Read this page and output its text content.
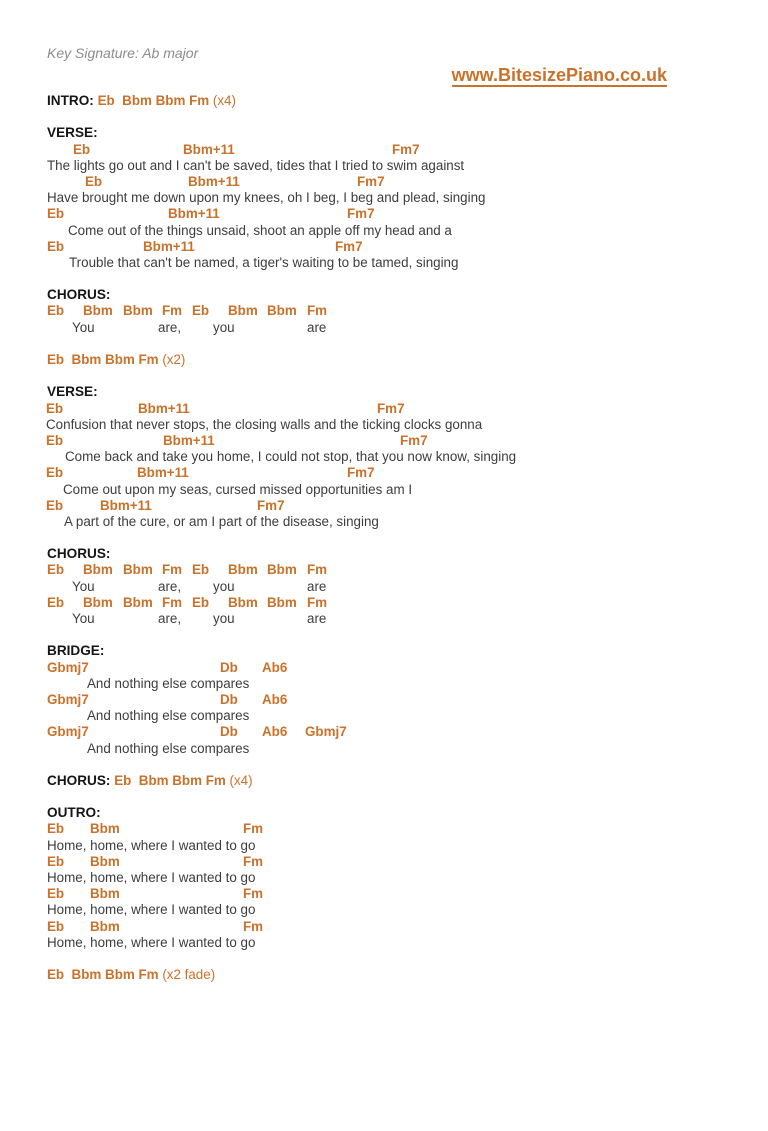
Key Signature: Ab major
www.BitesizePiano.co.uk
INTRO: Eb  Bbm Bbm Fm (x4)
VERSE:
Eb	Bbm+11	Fm7
The lights go out and I can't be saved, tides that I tried to swim against
Eb	Bbm+11	Fm7
Have brought me down upon my knees, oh I beg, I beg and plead, singing
Eb	Bbm+11	Fm7
Come out of the things unsaid, shoot an apple off my head and a
Eb	Bbm+11	Fm7
Trouble that can't be named, a tiger's waiting to be tamed, singing
CHORUS:
Eb Bbm Bbm Fm Eb Bbm Bbm Fm
You	are, you	are
Eb  Bbm Bbm Fm (x2)
VERSE:
Eb	Bbm+11	Fm7
Confusion that never stops, the closing walls and the ticking clocks gonna
Eb	Bbm+11	Fm7
Come back and take you home, I could not stop, that you now know, singing
Eb	Bbm+11	Fm7
Come out upon my seas, cursed missed opportunities am I
Eb	Bbm+11	Fm7
A part of the cure, or am I part of the disease, singing
CHORUS:
Eb Bbm Bbm Fm Eb Bbm Bbm Fm
You	are, you	are
Eb Bbm Bbm Fm Eb Bbm Bbm Fm
You	are, you	are
BRIDGE:
Gbmj7	Db Ab6
And nothing else compares
Gbmj7	Db Ab6
And nothing else compares
Gbmj7	Db Ab6 Gbmj7
And nothing else compares
CHORUS: Eb  Bbm Bbm Fm (x4)
OUTRO:
Eb Bbm	Fm
Home, home, where I wanted to go
Eb Bbm	Fm
Home, home, where I wanted to go
Eb Bbm	Fm
Home, home, where I wanted to go
Eb Bbm	Fm
Home, home, where I wanted to go
Eb  Bbm Bbm Fm (x2 fade)
